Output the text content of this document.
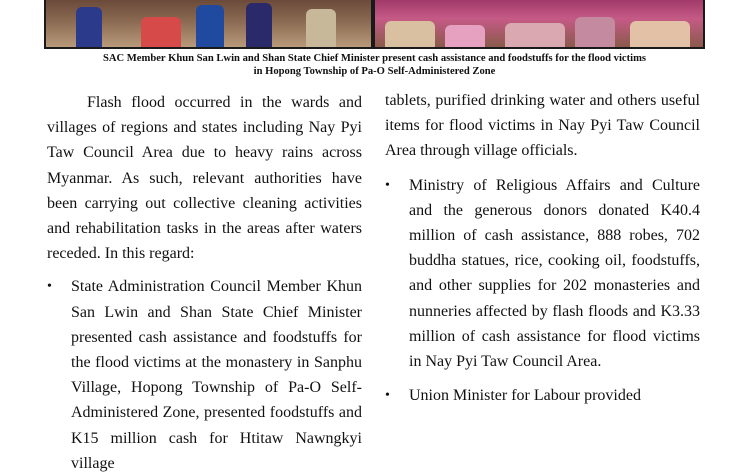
SAC Member Khun San Lwin and Shan State Chief Minister present cash assistance and foodstuffs for the flood victims
in Hopong Township of Pa-O Self-Administered Zone

Flash flood occurred in the wards and villages of regions and states including Nay Pyi Taw Council Area due to heavy rains across Myanmar. As such, relevant authorities have been carrying out collective cleaning activities and rehabilitation tasks in the areas after waters receded. In this regard:

• State Administration Council Member Khun San Lwin and Shan State Chief Minister presented cash assistance and foodstuffs for the flood victims at the monastery in Sanphu Village, Hopong Township of Pa-O Self-Administered Zone, presented foodstuffs and K15 million cash for Htitaw Nawngkyi village

tablets, purified drinking water and others useful items for flood victims in Nay Pyi Taw Council Area through village officials.

• Ministry of Religious Affairs and Culture and the generous donors donated K40.4 million of cash assistance, 888 robes, 702 buddha statues, rice, cooking oil, foodstuffs, and other supplies for 202 monasteries and nunneries affected by flash floods and K3.33 million of cash assistance for flood victims in Nay Pyi Taw Council Area.
• Union Minister for Labour provided
